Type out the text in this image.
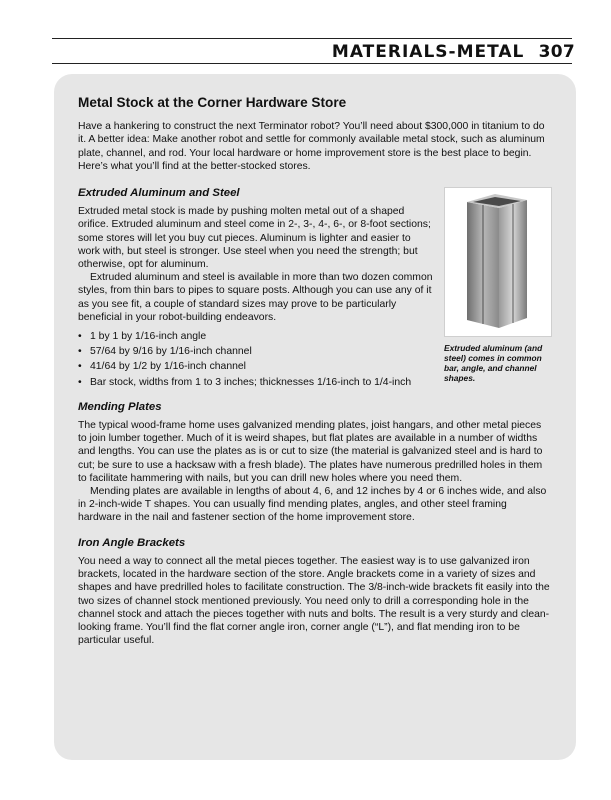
MATERIALS-METAL 307
Metal Stock at the Corner Hardware Store

Have a hankering to construct the next Terminator robot? You’ll need about $300,000 in titanium to do it. A better idea: Make another robot and settle for commonly available metal stock, such as aluminum plate, channel, and rod. Your local hardware or home improvement store is the best place to begin. Here’s what you’ll find at the better-stocked stores.

Extruded Aluminum and Steel

Extruded metal stock is made by pushing molten metal out of a shaped orifice. Extruded aluminum and steel come in 2-, 3-, 4-, 6-, or 8-foot sections; some stores will let you buy cut pieces. Aluminum is lighter and easier to work with, but steel is stronger. Use steel when you need the strength; but otherwise, opt for aluminum.

Extruded aluminum and steel is available in more than two dozen common styles, from thin bars to pipes to square posts. Although you can use any of it as you see fit, a couple of standard sizes may prove to be particularly beneficial in your robot-building endeavors.

• 1 by 1 by 1/16-inch angle
• 57/64 by 9/16 by 1/16-inch channel
• 41/64 by 1/2 by 1/16-inch channel
• Bar stock, widths from 1 to 3 inches; thicknesses 1/16-inch to 1/4-inch
Extruded aluminum (and steel) comes in common bar, angle, and channel shapes.
Mending Plates

The typical wood-frame home uses galvanized mending plates, joist hangars, and other metal pieces to join lumber together. Much of it is weird shapes, but flat plates are available in a number of widths and lengths. You can use the plates as is or cut to size (the material is galvanized steel and is hard to cut; be sure to use a hacksaw with a fresh blade). The plates have numerous predrilled holes in them to facilitate hammering with nails, but you can drill new holes where you need them.

Mending plates are available in lengths of about 4, 6, and 12 inches by 4 or 6 inches wide, and also in 2-inch-wide T shapes. You can usually find mending plates, angles, and other steel framing hardware in the nail and fastener section of the home improvement store.

Iron Angle Brackets

You need a way to connect all the metal pieces together. The easiest way is to use galvanized iron brackets, located in the hardware section of the store. Angle brackets come in a variety of sizes and shapes and have predrilled holes to facilitate construction. The 3/8-inch-wide brackets fit easily into the two sizes of channel stock mentioned previously. You need only to drill a corresponding hole in the channel stock and attach the pieces together with nuts and bolts. The result is a very sturdy and clean-looking frame. You’ll find the flat corner angle iron, corner angle (“L”), and flat mending iron to be particular useful.
